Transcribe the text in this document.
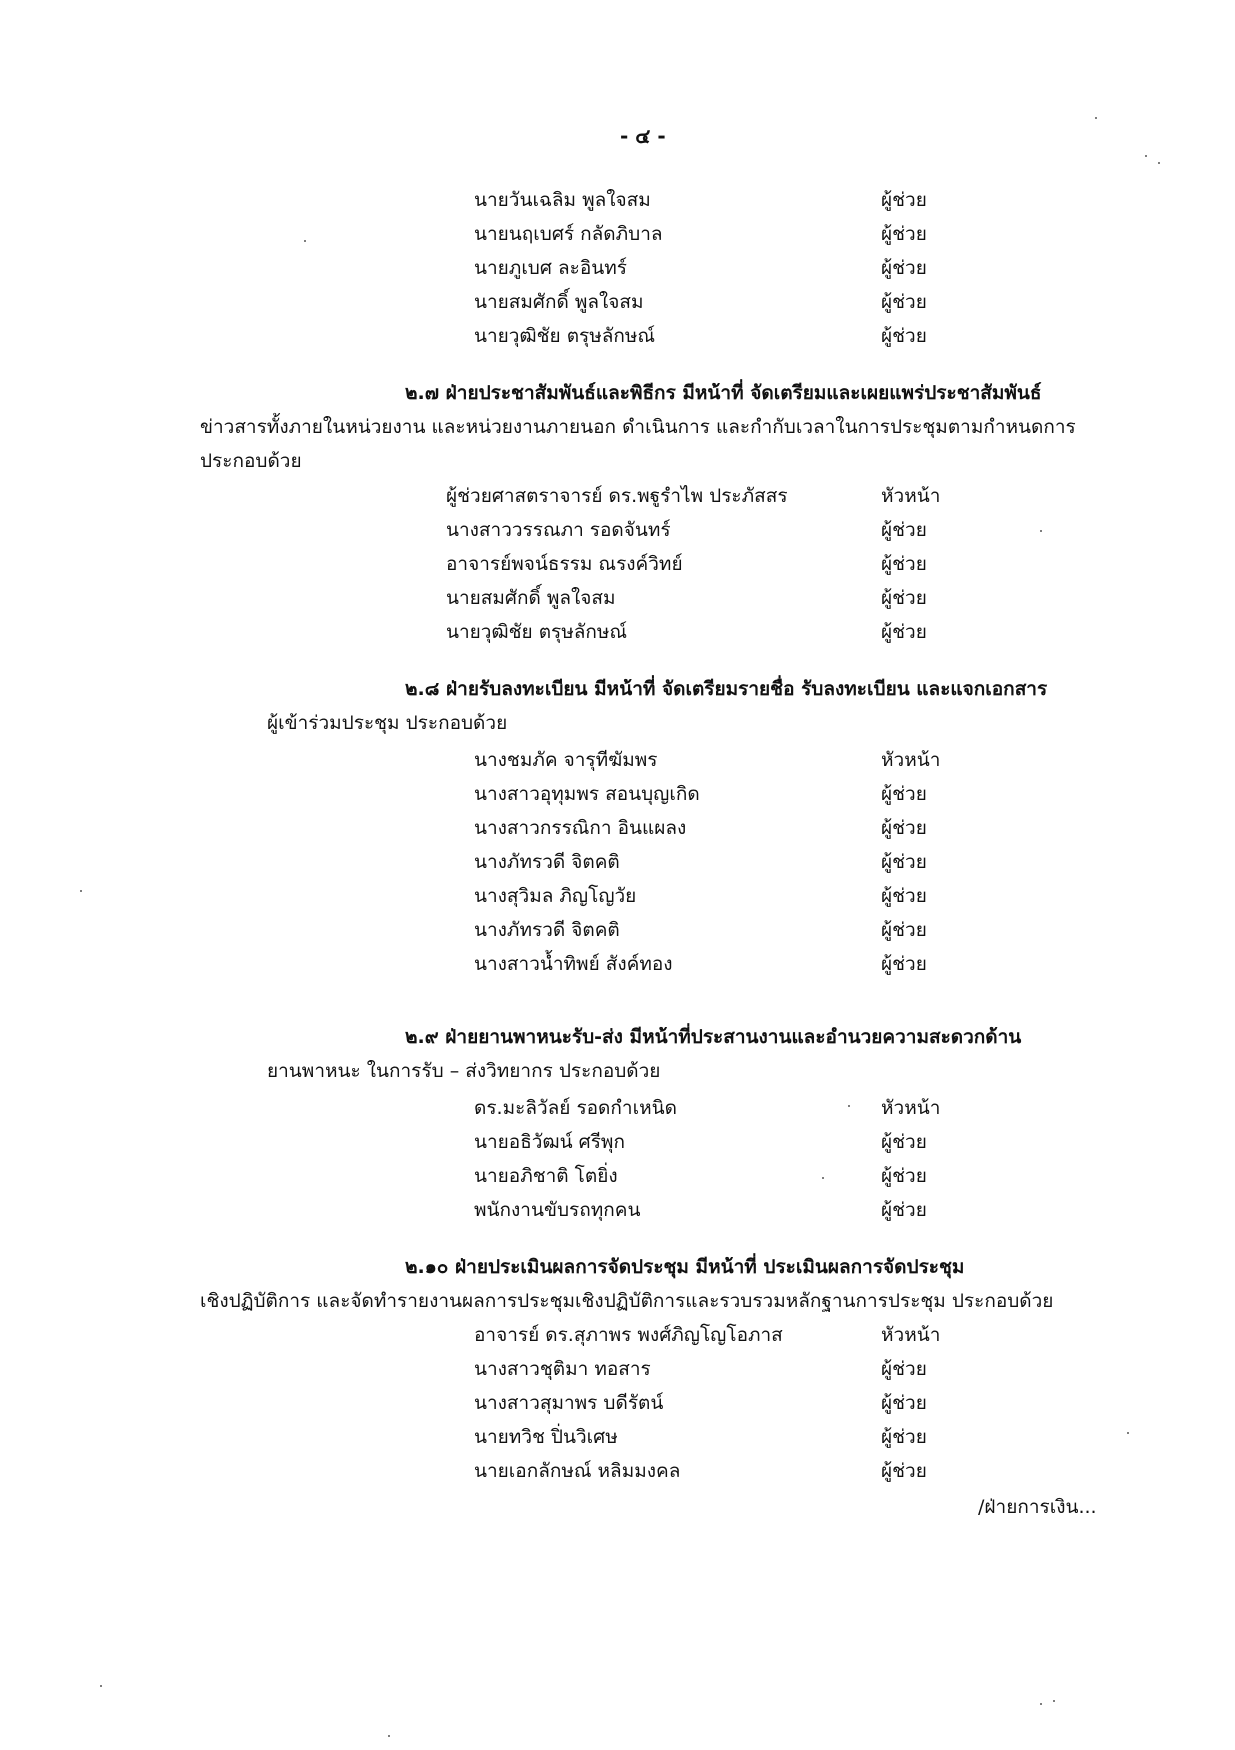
- ๔ -
นายวันเฉลิม พูลใจสม	ผู้ช่วย
นายนฤเบศร์ กลัดภิบาล	ผู้ช่วย
นายภูเบศ ละอินทร์	ผู้ช่วย
นายสมศักดิ์ พูลใจสม	ผู้ช่วย
นายวุฒิชัย ตรุษลักษณ์	ผู้ช่วย
๒.๗ ฝ่ายประชาสัมพันธ์และพิธีกร มีหน้าที่ จัดเตรียมและเผยแพร่ประชาสัมพันธ์
ข่าวสารทั้งภายในหน่วยงาน และหน่วยงานภายนอก ดำเนินการ และกำกับเวลาในการประชุมตามกำหนดการ
ประกอบด้วย
ผู้ช่วยศาสตราจารย์ ดร.พฐูรำไพ ประภัสสร	หัวหน้า
นางสาววรรณภา รอดจันทร์	ผู้ช่วย
อาจารย์พจน์ธรรม ณรงค์วิทย์	ผู้ช่วย
นายสมศักดิ์ พูลใจสม	ผู้ช่วย
นายวุฒิชัย ตรุษลักษณ์	ผู้ช่วย
๒.๘ ฝ่ายรับลงทะเบียน มีหน้าที่ จัดเตรียมรายชื่อ รับลงทะเบียน และแจกเอกสาร
ผู้เข้าร่วมประชุม ประกอบด้วย
นางชมภัค จารุทีฆัมพร	หัวหน้า
นางสาวอุทุมพร สอนบุญเกิด	ผู้ช่วย
นางสาวกรรณิกา อินแผลง	ผู้ช่วย
นางภัทรวดี จิตคติ	ผู้ช่วย
นางสุวิมล ภิญโญวัย	ผู้ช่วย
นางภัทรวดี จิตคติ	ผู้ช่วย
นางสาวน้ำทิพย์ สังค์ทอง	ผู้ช่วย
๒.๙ ฝ่ายยานพาหนะรับ-ส่ง มีหน้าที่ประสานงานและอำนวยความสะดวกด้าน
ยานพาหนะ ในการรับ – ส่งวิทยากร ประกอบด้วย
ดร.มะลิวัลย์ รอดกำเหนิด	หัวหน้า
นายอธิวัฒน์ ศรีพุก	ผู้ช่วย
นายอภิชาติ โตยิ่ง	ผู้ช่วย
พนักงานขับรถทุกคน	ผู้ช่วย
๒.๑๐ ฝ่ายประเมินผลการจัดประชุม มีหน้าที่ ประเมินผลการจัดประชุม
เชิงปฏิบัติการ และจัดทำรายงานผลการประชุมเชิงปฏิบัติการและรวบรวมหลักฐานการประชุม ประกอบด้วย
อาจารย์ ดร.สุภาพร พงศ์ภิญโญโอภาส	หัวหน้า
นางสาวชุติมา ทอสาร	ผู้ช่วย
นางสาวสุมาพร บดีรัตน์	ผู้ช่วย
นายทวิช ปิ่นวิเศษ	ผู้ช่วย
นายเอกลักษณ์ หลิมมงคล	ผู้ช่วย
/ฝ่ายการเงิน...
